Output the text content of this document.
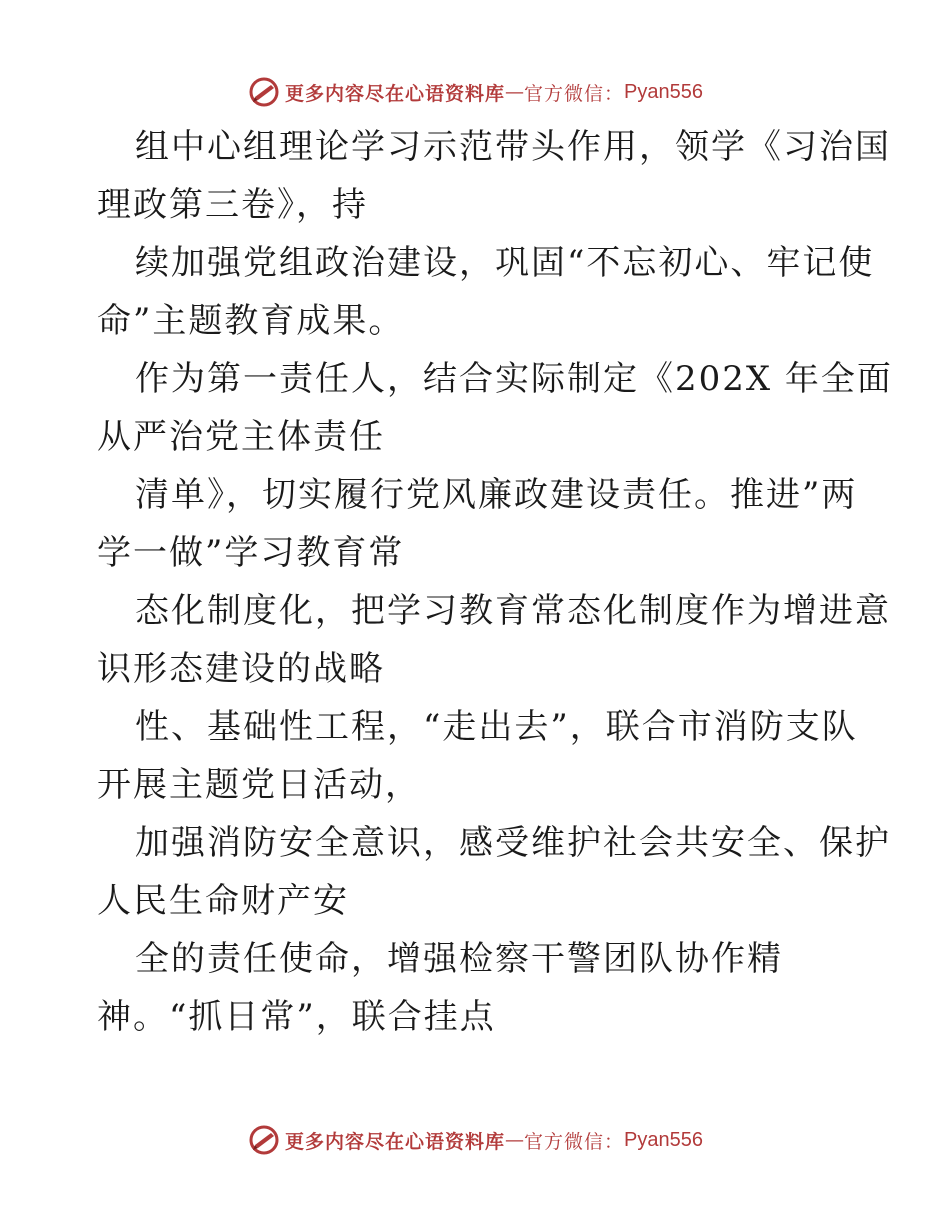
更多内容尽在心语资料库 — 官方微信： Pyan556
组中心组理论学习示范带头作用，领学《习治国
理政第三卷》，持
续加强党组政治建设，巩固“不忘初心、牢记使
命”主题教育成果。
作为第一责任人，结合实际制定《202X 年全面
从严治党主体责任
清单》，切实履行党风廉政建设责任。推进”两
学一做”学习教育常
态化制度化，把学习教育常态化制度作为增进意
识形态建设的战略
性、基础性工程，“走出去”，联合市消防支队
开展主题党日活动，
加强消防安全意识，感受维护社会共安全、保护
人民生命财产安
全的责任使命，增强检察干警团队协作精
神。“抓日常”，联合挂点
更多内容尽在心语资料库 — 官方微信： Pyan556
